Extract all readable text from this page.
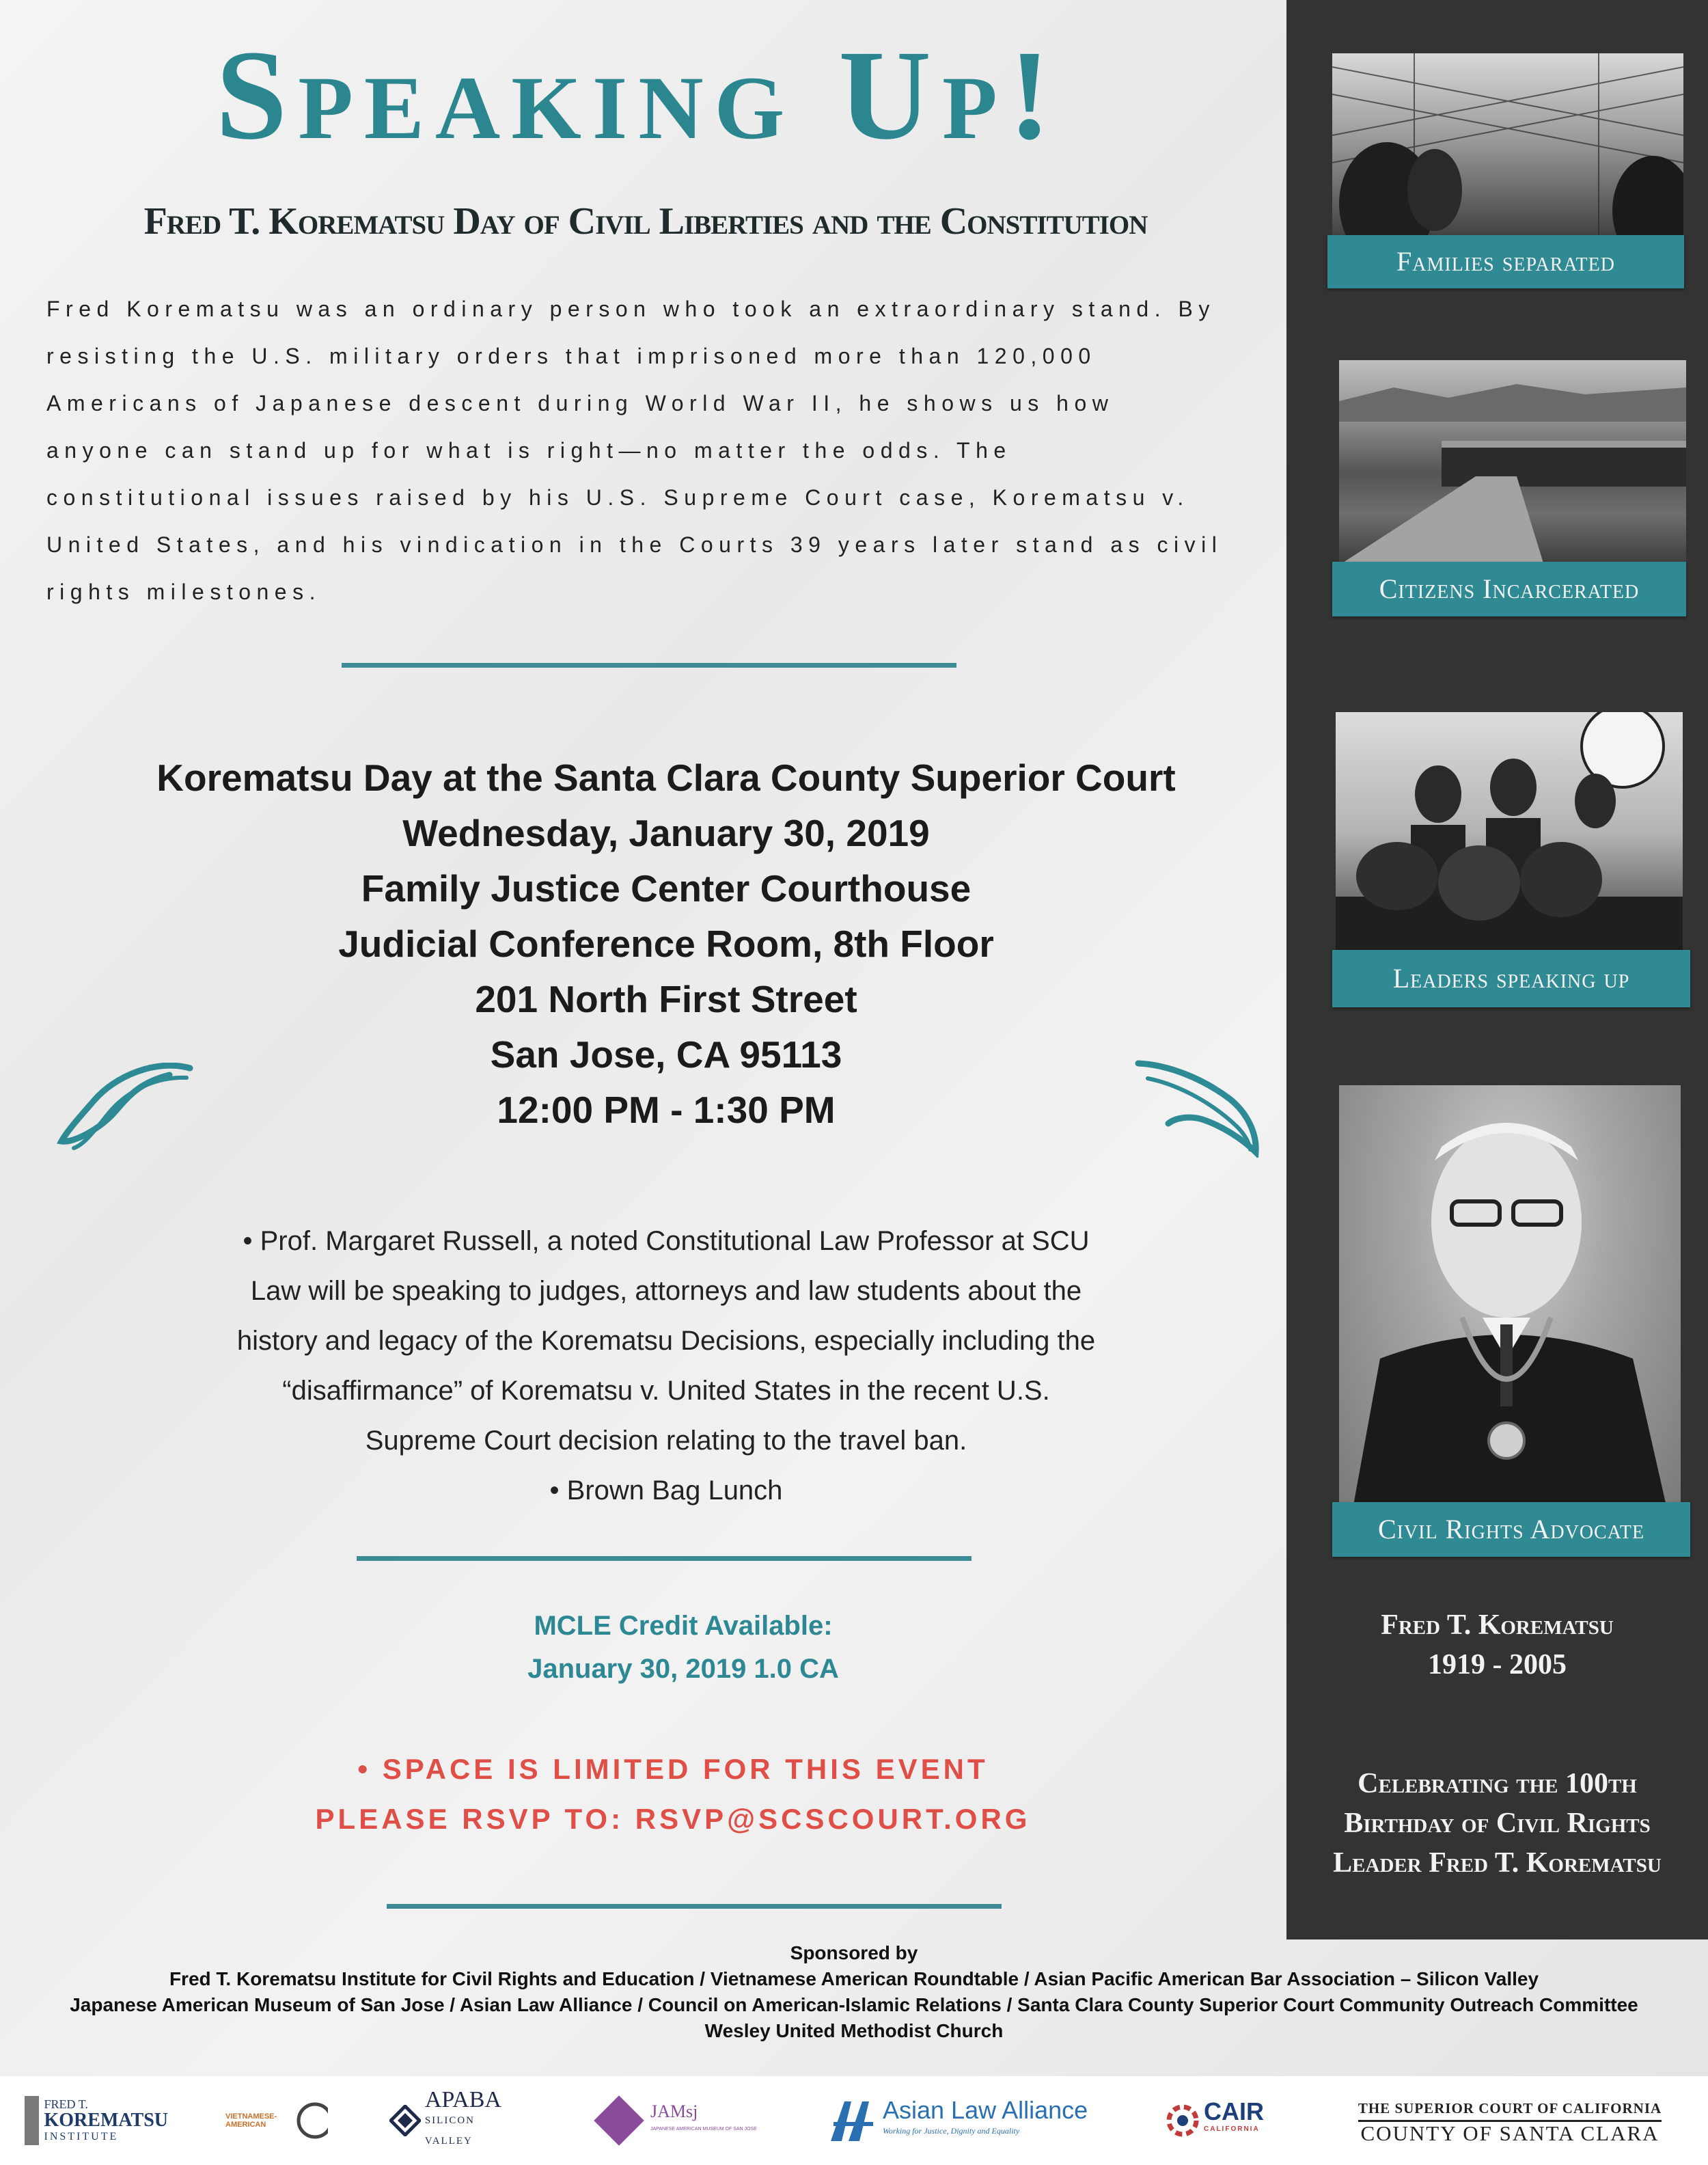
Speaking Up!
Fred T. Korematsu Day of Civil Liberties and the Constitution
Fred Korematsu was an ordinary person who took an extraordinary stand. By
resisting the U.S. military orders that imprisoned more than 120,000
Americans of Japanese descent during World War II, he shows us how
anyone can stand up for what is right—no matter the odds. The
constitutional issues raised by his U.S. Supreme Court case, Korematsu v.
United States, and his vindication in the Courts 39 years later stand as civil
rights milestones.
Korematsu Day at the Santa Clara County Superior Court
Wednesday, January 30, 2019
Family Justice Center Courthouse
Judicial Conference Room, 8th Floor
201 North First Street
San Jose, CA 95113
12:00 PM - 1:30 PM
• Prof. Margaret Russell, a noted Constitutional Law Professor at SCU
Law will be speaking to judges, attorneys and law students about the
history and legacy of the Korematsu Decisions, especially including the
“disaffirmance” of Korematsu v. United States in the recent U.S.
Supreme Court decision relating to the travel ban.
• Brown Bag Lunch
MCLE Credit Available:
January 30, 2019 1.0 CA
• SPACE IS LIMITED FOR THIS EVENT
PLEASE RSVP TO: RSVP@SCSCOURT.ORG
Families separated
Citizens Incarcerated
Leaders speaking up
Civil Rights Advocate
Fred T. Korematsu
1919 - 2005
Celebrating the 100th
Birthday of Civil Rights
Leader Fred T. Korematsu
Sponsored by
Fred T. Korematsu Institute for Civil Rights and Education / Vietnamese American Roundtable / Asian Pacific American Bar Association – Silicon Valley
Japanese American Museum of San Jose / Asian Law Alliance / Council on American-Islamic Relations / Santa Clara County Superior Court Community Outreach Committee
Wesley United Methodist Church
FRED T.
KOREMATSU
INSTITUTE
VIETNAMESE-AMERICAN
APABA
SILICON VALLEY
JAMsj
JAPANESE AMERICAN MUSEUM OF SAN JOSE
Asian Law Alliance
Working for Justice, Dignity and Equality
CAIR
CALIFORNIA
THE SUPERIOR COURT OF CALIFORNIA
COUNTY OF SANTA CLARA
